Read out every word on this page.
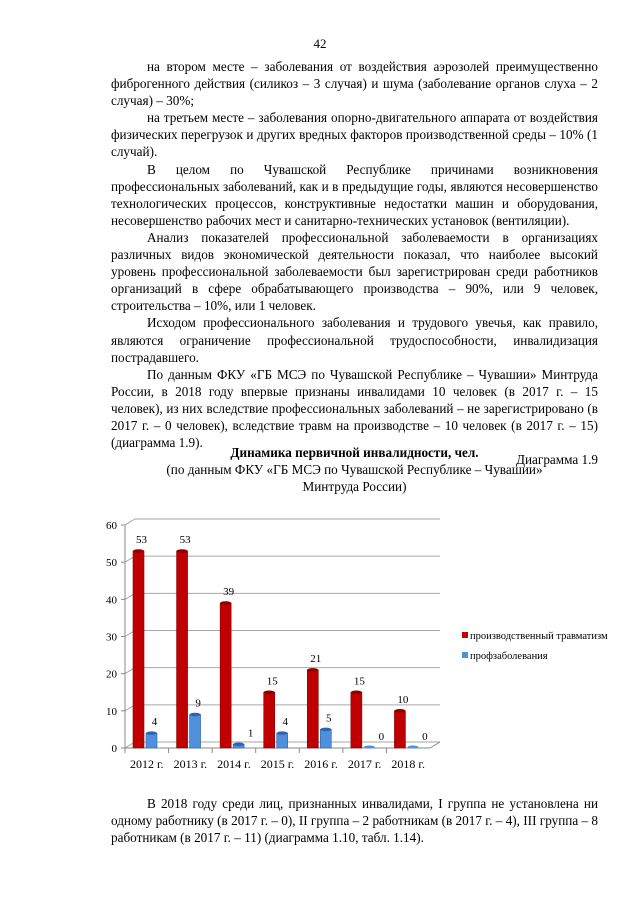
42

на втором месте – заболевания от воздействия аэрозолей преимущественно фиброгенного действия (силикоз – 3 случая) и шума (заболевание органов слуха – 2 случая) – 30%;

на третьем месте – заболевания опорно-двигательного аппарата от воздействия физических перегрузок и других вредных факторов производственной среды – 10% (1 случай).

В целом по Чувашской Республике причинами возникновения профессиональных заболеваний, как и в предыдущие годы, являются несовершенство технологических процессов, конструктивные недостатки машин и оборудования, несовершенство рабочих мест и санитарно-технических установок (вентиляции).

Анализ показателей профессиональной заболеваемости в организациях различных видов экономической деятельности показал, что наиболее высокий уровень профессиональной заболеваемости был зарегистрирован среди работников организаций в сфере обрабатывающего производства – 90%, или 9 человек, строительства – 10%, или 1 человек.

Исходом профессионального заболевания и трудового увечья, как правило, являются ограничение профессиональной трудоспособности, инвалидизация пострадавшего.

По данным ФКУ «ГБ МСЭ по Чувашской Республике – Чувашии» Минтруда России, в 2018 году впервые признаны инвалидами 10 человек (в 2017 г. – 15 человек), из них вследствие профессиональных заболеваний – не зарегистрировано (в 2017 г. – 0 человек), вследствие травм на производстве – 10 человек (в 2017 г. – 15) (диаграмма 1.9).

Диаграмма 1.9

Динамика первичной инвалидности, чел.
(по данным ФКУ «ГБ МСЭ по Чувашской Республике – Чувашии»
Минтруда России)
0
10
20
30
40
50
60
2012 г.
53
4
2013 г.
53
9
2014 г.
39
1
2015 г.
15
4
2016 г.
21
5
2017 г.
15
0
2018 г.
10
0
производственный травматизм
профзаболевания

В 2018 году среди лиц, признанных инвалидами, I группа не установлена ни одному работнику (в 2017 г. – 0), II группа – 2 работникам (в 2017 г. – 4), III группа – 8 работникам (в 2017 г. – 11) (диаграмма 1.10, табл. 1.14).
